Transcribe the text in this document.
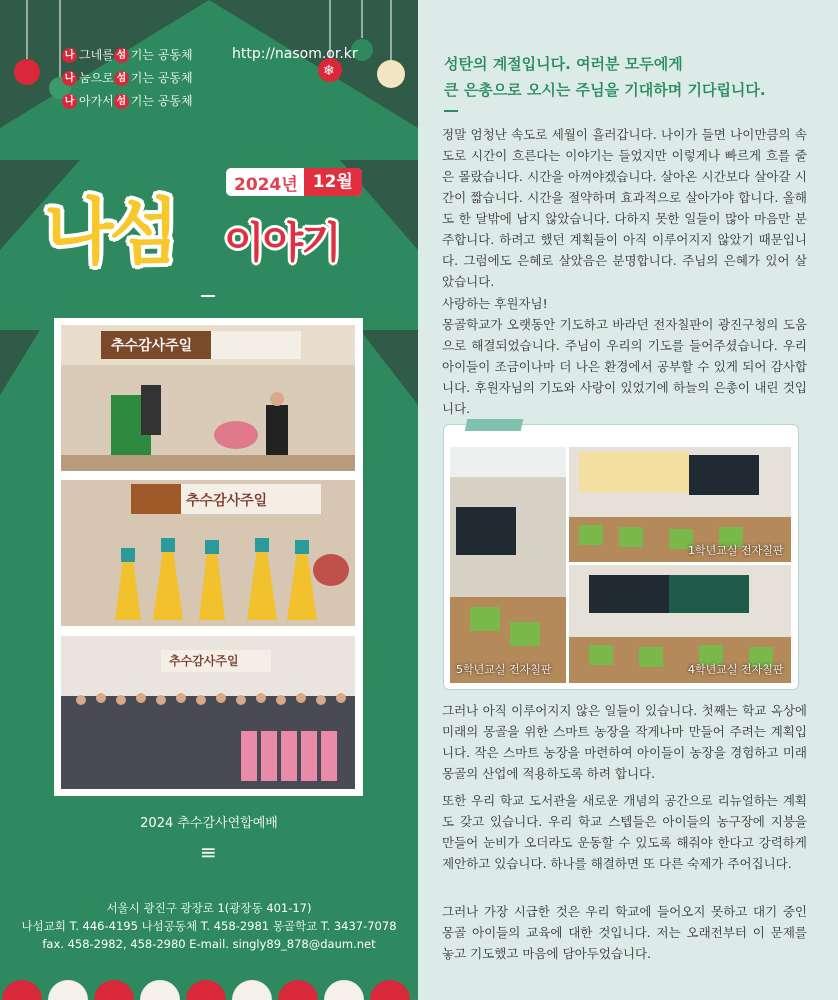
❄
나 그네를 섬 기는 공동체
나 눔으로 섬 기는 공동체
나 아가서 섬 기는 공동체
http://nasom.or.kr
2024년 12월
나섬 이야기
추수감사주일
추수감사주일
추수감사주일
2024 추수감사연합예배
≡
서울시 광진구 광장로 1(광장동 401-17)
나섬교회 T. 446-4195 나섬공동체 T. 458-2981 몽골학교 T. 3437-7078
fax. 458-2982, 458-2980 E-mail. singly89_878@daum.net
성탄의 계절입니다. 여러분 모두에게
큰 은총으로 오시는 주님을 기대하며 기다립니다.

정말 엄청난 속도로 세월이 흘러갑니다. 나이가 들면 나이만큼의 속도로 시간이 흐른다는 이야기는 들었지만 이렇게나 빠르게 흐를 줄은 몰랐습니다. 시간을 아껴야겠습니다. 살아온 시간보다 살아갈 시간이 짧습니다. 시간을 절약하며 효과적으로 살아가야 합니다. 올해도 한 달밖에 남지 않았습니다. 다하지 못한 일들이 많아 마음만 분주합니다. 하려고 했던 계획들이 아직 이루어지지 않았기 때문입니다. 그럼에도 은혜로 살았음은 분명합니다. 주님의 은혜가 있어 살았습니다.

사랑하는 후원자님!
몽골학교가 오랫동안 기도하고 바라던 전자칠판이 광진구청의 도움으로 해결되었습니다. 주님이 우리의 기도를 들어주셨습니다. 우리 아이들이 조금이나마 더 나은 환경에서 공부할 수 있게 되어 감사합니다. 후원자님의 기도와 사랑이 있었기에 하늘의 은총이 내린 것입니다.

1학년교실 전자칠판
5학년교실 전자칠판	4학년교실 전자칠판

그러나 아직 이루어지지 않은 일들이 있습니다. 첫째는 학교 옥상에 미래의 몽골을 위한 스마트 농장을 작게나마 만들어 주려는 계획입니다. 작은 스마트 농장을 마련하여 아이들이 농장을 경험하고 미래 몽골의 산업에 적용하도록 하려 합니다.

또한 우리 학교 도서관을 새로운 개념의 공간으로 리뉴얼하는 계획도 갖고 있습니다. 우리 학교 스텝들은 아이들의 농구장에 지붕을 만들어 눈비가 오더라도 운동할 수 있도록 해줘야 한다고 강력하게 제안하고 있습니다. 하나를 해결하면 또 다른 숙제가 주어집니다.

그러나 가장 시급한 것은 우리 학교에 들어오지 못하고 대기 중인 몽골 아이들의 교육에 대한 것입니다. 저는 오래전부터 이 문제를 놓고 기도했고 마음에 담아두었습니다.
